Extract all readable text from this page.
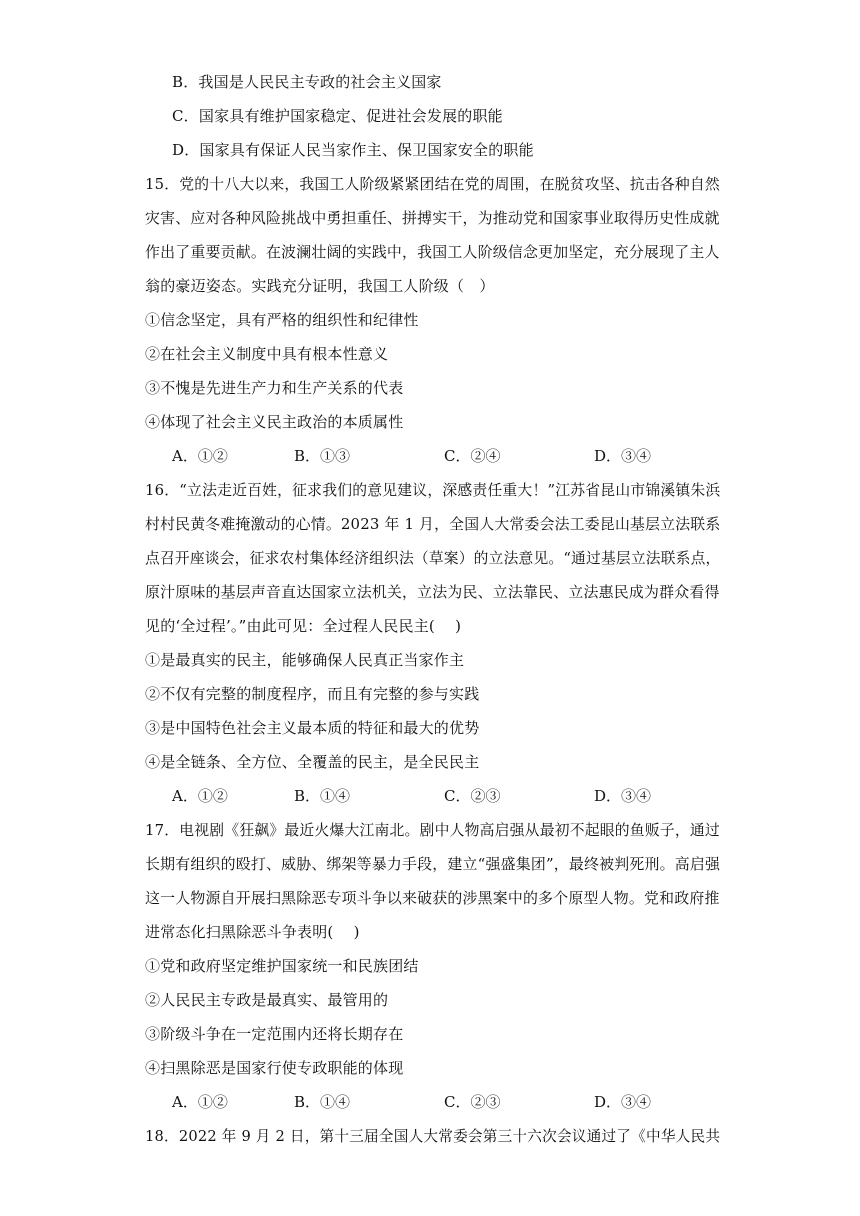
B．我国是人民民主专政的社会主义国家
C．国家具有维护国家稳定、促进社会发展的职能
D．国家具有保证人民当家作主、保卫国家安全的职能
15．党的十八大以来，我国工人阶级紧紧团结在党的周围，在脱贫攻坚、抗击各种自然
灾害、应对各种风险挑战中勇担重任、拼搏实干，为推动党和国家事业取得历史性成就
作出了重要贡献。在波澜壮阔的实践中，我国工人阶级信念更加坚定，充分展现了主人
翁的豪迈姿态。实践充分证明，我国工人阶级（　）
①信念坚定，具有严格的组织性和纪律性
②在社会主义制度中具有根本性意义
③不愧是先进生产力和生产关系的代表
④体现了社会主义民主政治的本质属性
A．①②	B．①③	C．②④	D．③④
16．“立法走近百姓，征求我们的意见建议，深感责任重大！”江苏省昆山市锦溪镇朱浜
村村民黄冬难掩激动的心情。2023 年 1 月，全国人大常委会法工委昆山基层立法联系
点召开座谈会，征求农村集体经济组织法（草案）的立法意见。“通过基层立法联系点，
原汁原味的基层声音直达国家立法机关，立法为民、立法靠民、立法惠民成为群众看得
见的‘全过程’。”由此可见：全过程人民民主(　 )
①是最真实的民主，能够确保人民真正当家作主
②不仅有完整的制度程序，而且有完整的参与实践
③是中国特色社会主义最本质的特征和最大的优势
④是全链条、全方位、全覆盖的民主，是全民民主
A．①②	B．①④	C．②③	D．③④
17．电视剧《狂飙》最近火爆大江南北。剧中人物高启强从最初不起眼的鱼贩子，通过
长期有组织的殴打、威胁、绑架等暴力手段，建立“强盛集团”，最终被判死刑。高启强
这一人物源自开展扫黑除恶专项斗争以来破获的涉黑案中的多个原型人物。党和政府推
进常态化扫黑除恶斗争表明(　 )
①党和政府坚定维护国家统一和民族团结
②人民民主专政是最真实、最管用的
③阶级斗争在一定范围内还将长期存在
④扫黑除恶是国家行使专政职能的体现
A．①②	B．①④	C．②③	D．③④
18．2022 年 9 月 2 日，第十三届全国人大常委会第三十六次会议通过了《中华人民共
